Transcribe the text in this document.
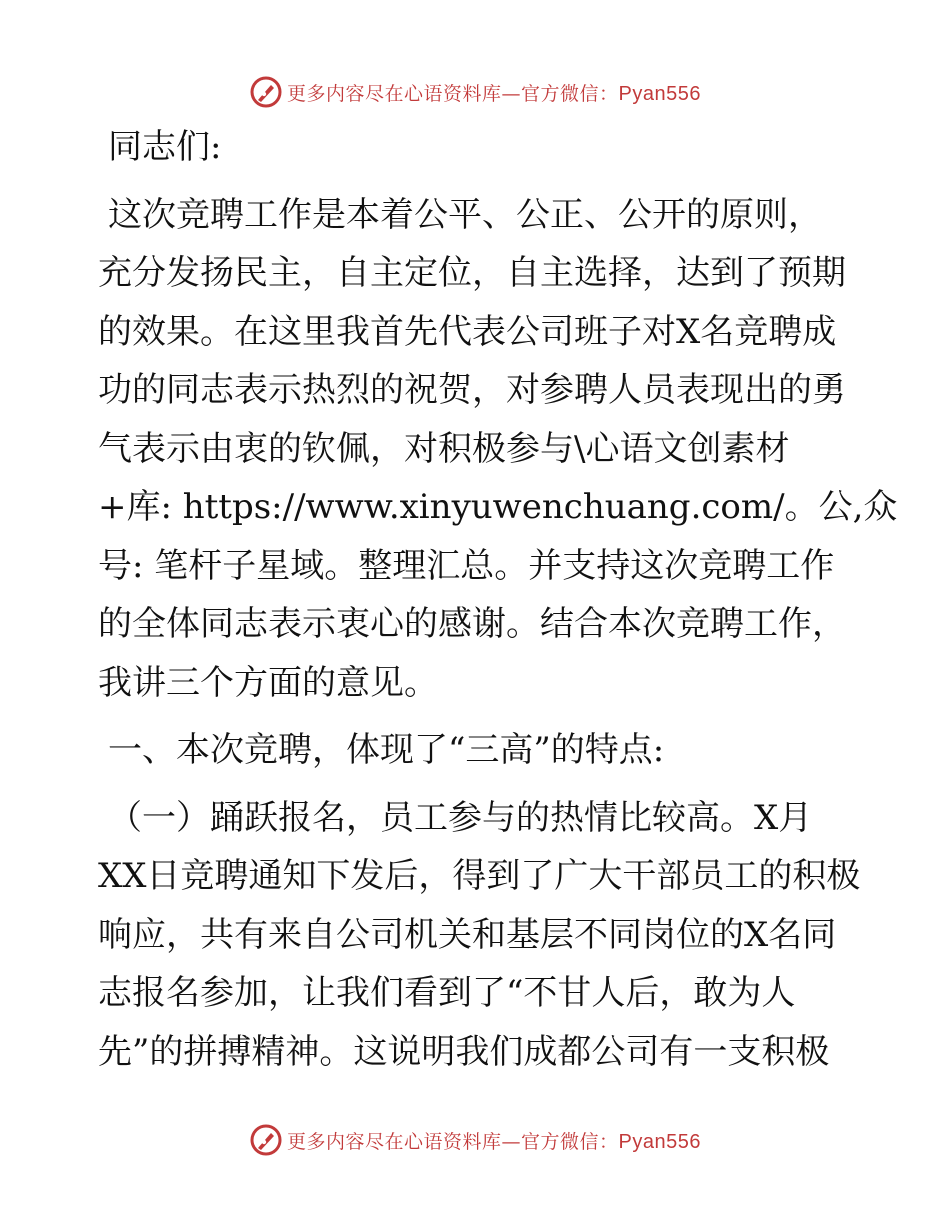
更多内容尽在心语资料库—官方微信：Pyan556

同志们:

这次竞聘工作是本着公平、公正、公开的原则，
充分发扬民主，自主定位，自主选择，达到了预期
的效果。在这里我首先代表公司班子对X名竞聘成
功的同志表示热烈的祝贺，对参聘人员表现出的勇
气表示由衷的钦佩，对积极参与\心语文创素材
+库: https://www.xinyuwenchuang.com/。公,众
号: 笔杆子星域。整理汇总。并支持这次竞聘工作
的全体同志表示衷心的感谢。结合本次竞聘工作，
我讲三个方面的意见。

一、本次竞聘，体现了“三高”的特点:

（一）踊跃报名，员工参与的热情比较高。X月
XX日竞聘通知下发后，得到了广大干部员工的积极
响应，共有来自公司机关和基层不同岗位的X名同
志报名参加，让我们看到了“不甘人后，敢为人
先”的拼搏精神。这说明我们成都公司有一支积极

更多内容尽在心语资料库—官方微信：Pyan556
